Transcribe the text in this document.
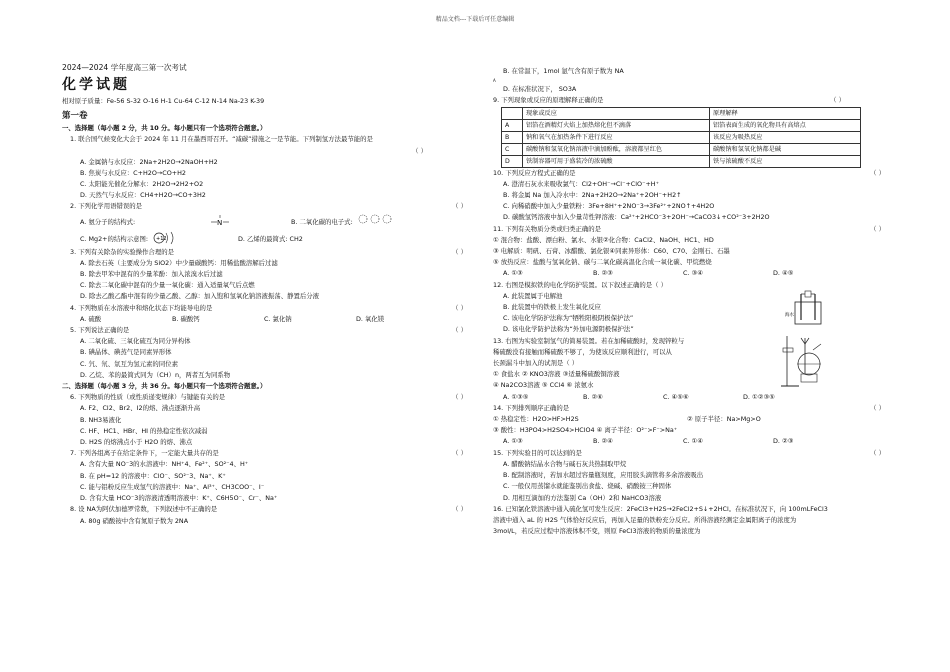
精品文档---下载后可任意编辑
2024—2024 学年度高三第一次考试
化学试题
相对原子质量：Fe-56 S-32 O-16 H-1 Cu-64 C-12 N-14 Na-23 K-39
第一卷
一、选择题（每小题 2 分，共 10 分。每小题只有一个选项符合题意。）
1. 联合国气候变化大会于 2024 年 11 月在墨西哥召开。“减碳”措施之一是节能。下列制氢方法最节能的是
（ ）
A. 金属钠与水反应：2Na+2H2O→2NaOH+H2
B. 焦炭与水反应：C+H2O→CO+H2
C. 太阳能光催化分解水：2H2O→2H2+O2
D. 天然气与水反应：CH4+H2O→CO+3H2
2. 下列化学用语错误的是	（ ）
A. 氨分子的结构式:	N	B. 二氧化碳的电子式:
C. Mg2+的结构示意图: +12	D. 乙烯的最简式: CH2
3. 下列有关除杂的实验操作合理的是	（ ）
A. 除去石英（主要成分为 SiO2）中少量碳酸钙：用稀盐酸溶解后过滤
B. 除去甲苯中混有的少量苯酚：加入浓溴水后过滤
C. 除去二氧化碳中混有的少量一氧化碳：通入适量氧气后点燃
D. 除去乙酸乙酯中混有的少量乙酸、乙醇：加入饱和氢氧化钠溶液振荡、静置后分液
4. 下列物质在水溶液中和熔化状态下均能导电的是	（ ）
A. 硫酸	B. 碳酸钙	C. 氯化钠	D. 氧化镁
5. 下列说法正确的是	（ ）
A. 二氧化硫、三氧化硫互为同分异构体
B. 碘晶体、碘蒸气是同素异形体
C. 氕、氘、氚互为氢元素的同位素
D. 乙烷、苯的最简式同为（CH）n，两者互为同系物
二、选择题（每小题 3 分，共 36 分。每小题只有一个选项符合题意。）
6. 下列物质的性质（或性质递变规律）与键能有关的是	（ ）
A. F2、Cl2、Br2、I2的熔、沸点逐渐升高
B. NH3易液化
C. HF、HC1、HBr、HI 的热稳定性依次减弱
D. H2S 的熔沸点小于 H2O 的熔、沸点
7. 下列各组离子在给定条件下，一定能大量共存的是	（ ）
A. 含有大量 NO⁻3的水溶液中：NH⁺4、Fe²⁺、SO²⁻4、H⁺
B. 在 pH=12 的溶液中：ClO⁻、SO²⁻3、Na⁺、K⁺
C. 能与铝粉反应生成氢气的溶液中：Na⁺、Al³⁺、CH3COO⁻、I⁻
D. 含有大量 HCO⁻3的溶液清透明溶液中：K⁺、C6H5O⁻、Cr⁻、Na⁺
8. 设 NA为阿伏加德罗常数，下列叙述中不正确的是	（ ）
A. 80g 硝酸铵中含有氮原子数为 2NA
B. 在常温下，1mol 氩气含有原子数为 NA
A
D. 在标准状况下， SO3A
9. 下列现象或反应的原理解释正确的是	（ ）
	现象或反应	原理解释
A	铝箔在酒精灯火焰上加热熔化但不滴落	铝箔表面生成的氧化物具有高熔点
B	钠和氧气在加热条件下进行反应	该反应为吸热反应
C	碳酸钠和氢氧化钠溶液中滴加酚酞，溶液都呈红色	碳酸钠和氢氧化钠都是碱
D	铁制容器可用于盛装冷的浓硫酸	铁与浓硫酸不反应
10. 下列反应方程式正确的是	（ ）
A. 澄清石灰水来吸收氯气：Cl2+OH⁻→Cl⁻+ClO⁻+H⁺
B. 将金属 Na 加入冷水中：2Na+2H2O→2Na⁺+2OH⁻+H2↑
C. 向稀硝酸中加入少量铁粉：3Fe+8H⁺+2NO⁻3→3Fe²⁺+2NO↑+4H2O
D. 碳酸氢钙溶液中加入少量苛性钾溶液：Ca²⁺+2HCO⁻3+2OH⁻→CaCO3↓+CO²⁻3+2H2O
11. 下列有关物质分类或归类正确的是	（ ）
① 混合物：盐酸、漂白粉、氯水、水银②化合物：CaCl2、NaOH、HC1、HD
③ 电解质：明矾、石膏、冰醋酸、氯化银④同素异形体：C60、C70、金刚石、石墨
⑤ 放热反应：盐酸与氢氧化钠、碳与二氧化碳高温化合成一氧化碳、甲烷燃烧
A. ①③	B. ②③	C. ③④	D. ④⑤
12. 右图是模拟铁的电化学防护装置。以下叙述正确的是（ ）
A. 此装置属于电解池
B. 此装置中的铁极上发生氧化反应
C. 该电化学防护法称为“牺牲阳极阴极保护法”
D. 该电化学防护法称为“外加电源阴极保护法”
海水
13. 右图为实验室制氢气的简易装置。若在加稀硫酸时，发现锌粒与
稀硫酸没有接触而稀硫酸不够了，为使该反应顺利进行，可以从
长颈漏斗中加入的试剂是（ ）
① 食盐水 ② KNO3溶液 ③适量稀硫酸铜溶液
④ Na2CO3溶液 ⑤ CCl4 ⑥ 浓氨水
A. ①③⑤	B. ②⑥	C. ④⑤⑥	D. ①②③⑤
14. 下列排列顺序正确的是	（ ）
① 热稳定性：H2O>HF>H2S	② 原子半径：Na>Mg>O
③ 酸性：H3PO4>H2SO4>HClO4 ④ 离子半径：O²⁻>F⁻>Na⁺
A. ①③	B. ②④	C. ①④	D. ②③
15. 下列实验目的可以达到的是	（ ）
A. 醋酸钠结晶水合物与碱石灰共热制取甲烷
B. 配制溶液时，若加水超过容量瓶刻度，应用胶头滴管将多余溶液吸出
C. 一般仅用蒸馏水就能鉴别出食盐、烧碱、硝酸铵三种固体
D. 用相互滴加的方法鉴别 Ca（OH）2和 NaHCO3溶液
16. 已知氯化铁溶液中通入硫化氢可发生反应：2FeCl3+H2S→2FeCl2+S↓+2HCl。在标准状况下，向 100mLFeCl3
溶液中通入 aL 的 H2S 气体恰好反应后，再加入足量的铁粉充分反应。所得溶液经测定金属阳离子的浓度为
3mol/L，若反应过程中溶液体积不变，则原 FeCl3溶液的物质的量浓度为
